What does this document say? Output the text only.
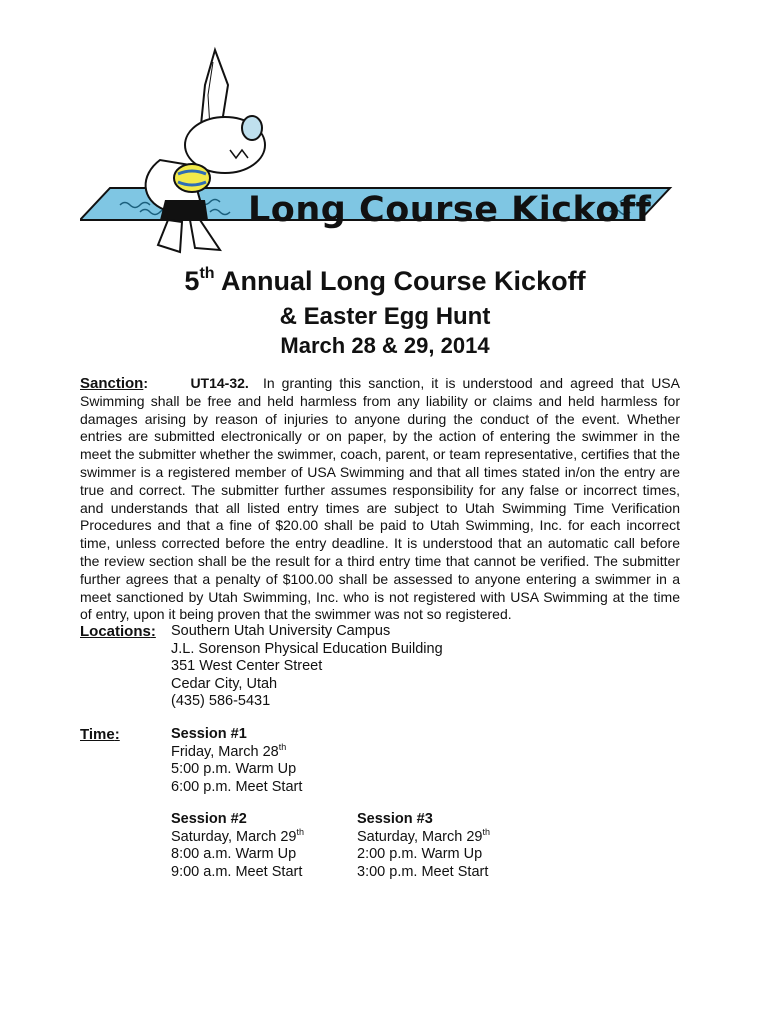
Long Course Kickoff
5th Annual Long Course Kickoff
& Easter Egg Hunt
March 28 & 29, 2014
Sanction:	UT14-32. In granting this sanction, it is understood and agreed that USA Swimming shall be free and held harmless from any liability or claims and held harmless for damages arising by reason of injuries to anyone during the conduct of the event. Whether entries are submitted electronically or on paper, by the action of entering the swimmer in the meet the submitter whether the swimmer, coach, parent, or team representative, certifies that the swimmer is a registered member of USA Swimming and that all times stated in/on the entry are true and correct. The submitter further assumes responsibility for any false or incorrect times, and understands that all listed entry times are subject to Utah Swimming Time Verification Procedures and that a fine of $20.00 shall be paid to Utah Swimming, Inc. for each incorrect time, unless corrected before the entry deadline. It is understood that an automatic call before the review section shall be the result for a third entry time that cannot be verified. The submitter further agrees that a penalty of $100.00 shall be assessed to anyone entering a swimmer in a meet sanctioned by Utah Swimming, Inc. who is not registered with USA Swimming at the time of entry, upon it being proven that the swimmer was not so registered.
Locations: Southern Utah University Campus
J.L. Sorenson Physical Education Building
351 West Center Street
Cedar City, Utah
(435) 586-5431
Time:	Session #1
Friday, March 28th
5:00 p.m. Warm Up
6:00 p.m. Meet Start
Session #2
Saturday, March 29th
8:00 a.m. Warm Up
9:00 a.m. Meet Start
Session #3
Saturday, March 29th
2:00 p.m. Warm Up
3:00 p.m. Meet Start
